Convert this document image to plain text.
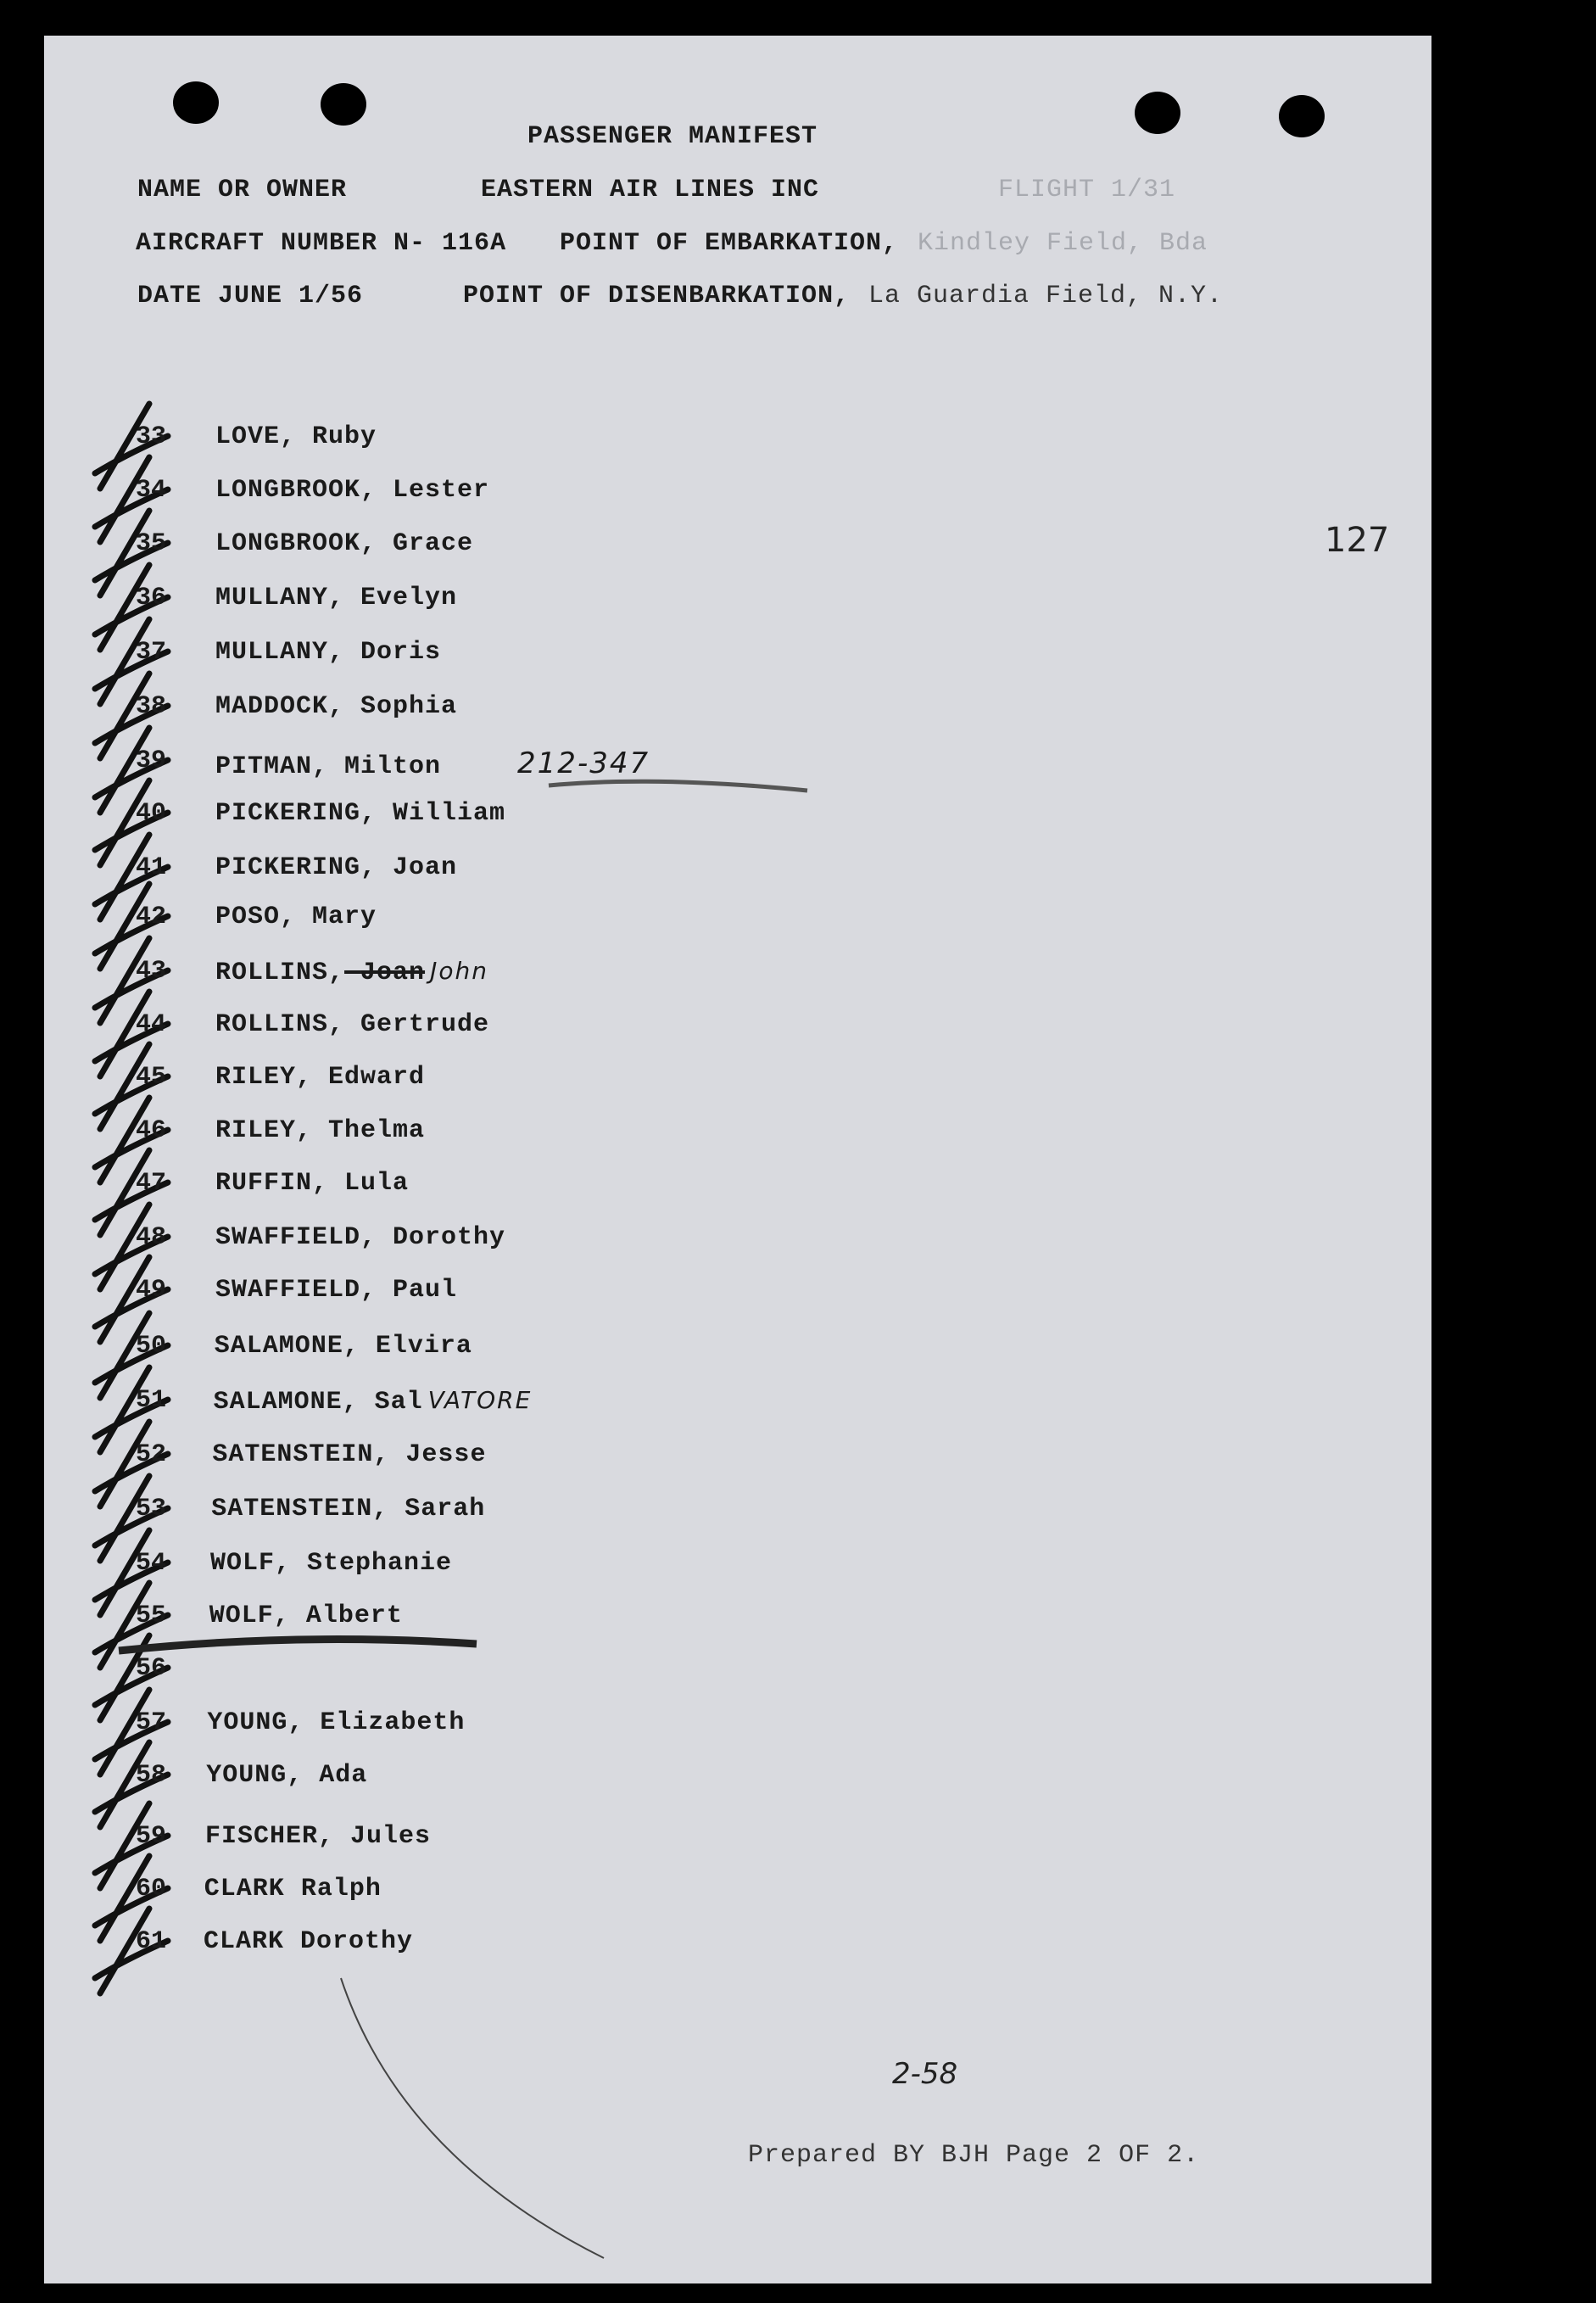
PASSENGER MANIFEST
NAME OR OWNER	EASTERN AIR LINES INC	FLIGHT 1/31
AIRCRAFT NUMBER N- 116A POINT OF EMBARKATION, Kindley Field, Bda
DATE JUNE 1/56	POINT OF DISENBARKATION, La Guardia Field, N.Y.
127
33 LOVE, Ruby
34 LONGBROOK, Lester
35 LONGBROOK, Grace
36 MULLANY, Evelyn
37 MULLANY, Doris
38 MADDOCK, Sophia
39 PITMAN, Milton	212-347
40 PICKERING, William
41 PICKERING, Joan
42 POSO, Mary
43 ROLLINS, Joan John
44 ROLLINS, Gertrude
45 RILEY, Edward
46 RILEY, Thelma
47 RUFFIN, Lula
48 SWAFFIELD, Dorothy
49 SWAFFIELD, Paul
50 SALAMONE, Elvira
51 SALAMONE, Sal VATORE
52 SATENSTEIN, Jesse
53 SATENSTEIN, Sarah
54 WOLF, Stephanie
55 WOLF, Albert
56
57 YOUNG, Elizabeth
58 YOUNG, Ada
59 FISCHER, Jules
60 CLARK Ralph
61 CLARK Dorothy
2-58
Prepared BY BJH Page 2 OF 2.
